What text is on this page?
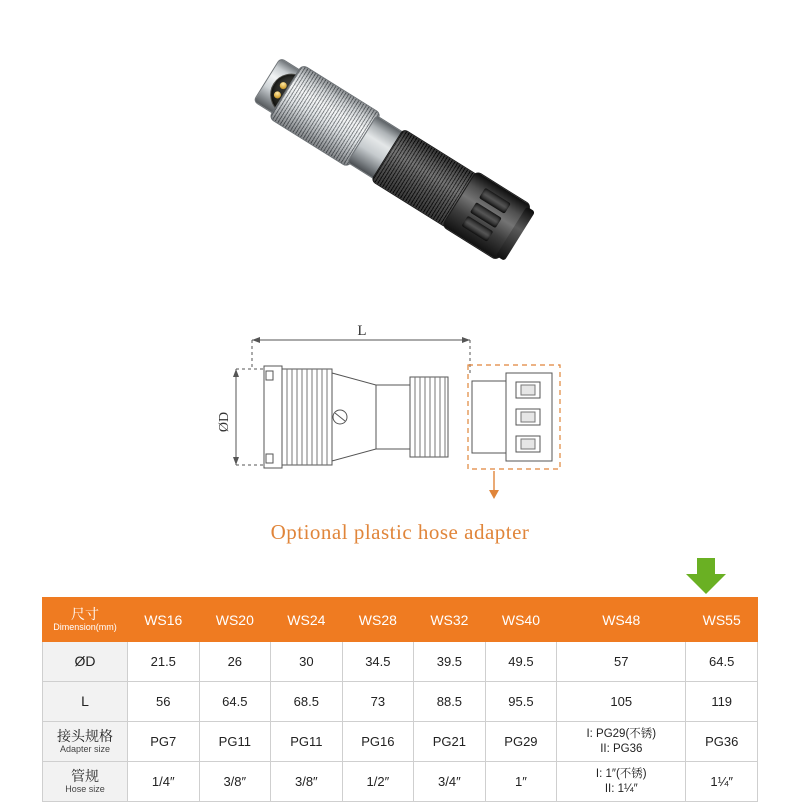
L
ØD
Optional plastic hose adapter
尺寸
Dimension(mm)	WS16	WS20	WS24	WS28	WS32	WS40	WS48	WS55

ØD	21.5	26	30	34.5	39.5	49.5	57	64.5

L	56	64.5	68.5	73	88.5	95.5	105	119

接头规格
Adapter size	PG7	PG11	PG11	PG16	PG21	PG29	I: PG29(不锈)
II: PG36	PG36

管规
Hose size	1/4″	3/8″	3/8″	1/2″	3/4″	1″	I: 1″(不锈)
II: 1¼″	1¼″
